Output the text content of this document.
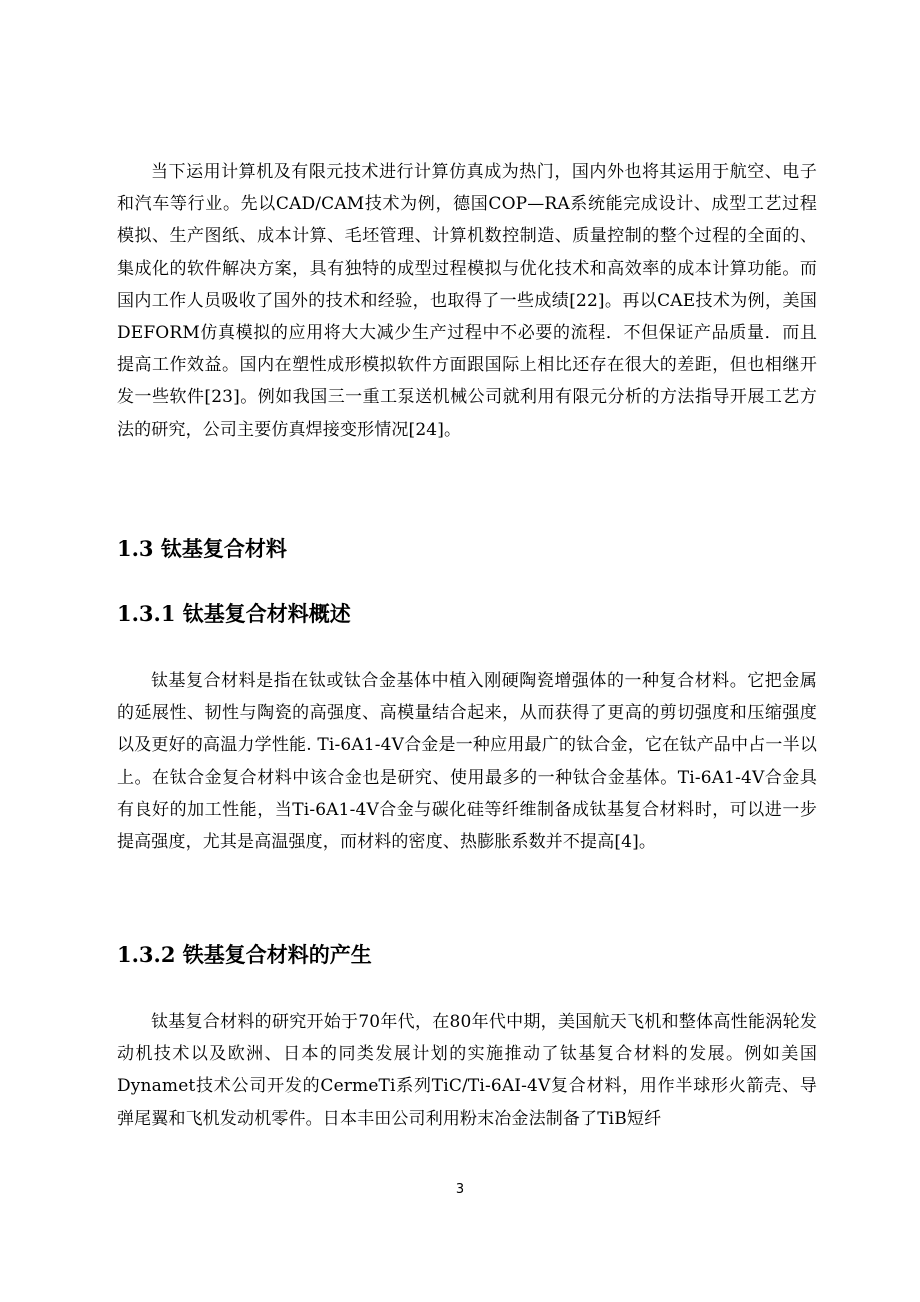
当下运用计算机及有限元技术进行计算仿真成为热门，国内外也将其运用于航空、电子和汽车等行业。先以CAD/CAM技术为例，德国COP—RA系统能完成设计、成型工艺过程模拟、生产图纸、成本计算、毛坯管理、计算机数控制造、质量控制的整个过程的全面的、集成化的软件解决方案，具有独特的成型过程模拟与优化技术和高效率的成本计算功能。而国内工作人员吸收了国外的技术和经验，也取得了一些成绩[22]。再以CAE技术为例，美国DEFORM仿真模拟的应用将大大减少生产过程中不必要的流程．不但保证产品质量．而且提高工作效益。国内在塑性成形模拟软件方面跟国际上相比还存在很大的差距，但也相继开发一些软件[23]。例如我国三一重工泵送机械公司就利用有限元分析的方法指导开展工艺方法的研究，公司主要仿真焊接变形情况[24]。

1.3 钛基复合材料
1.3.1 钛基复合材料概述

钛基复合材料是指在钛或钛合金基体中植入刚硬陶瓷增强体的一种复合材料。它把金属的延展性、韧性与陶瓷的高强度、高模量结合起来，从而获得了更高的剪切强度和压缩强度以及更好的高温力学性能. Ti-6A1-4V合金是一种应用最广的钛合金，它在钛产品中占一半以上。在钛合金复合材料中该合金也是研究、使用最多的一种钛合金基体。Ti-6A1-4V合金具有良好的加工性能，当Ti-6A1-4V合金与碳化硅等纤维制备成钛基复合材料时，可以进一步提高强度，尤其是高温强度，而材料的密度、热膨胀系数并不提高[4]。

1.3.2 铁基复合材料的产生

钛基复合材料的研究开始于70年代，在80年代中期，美国航天飞机和整体高性能涡轮发动机技术以及欧洲、日本的同类发展计划的实施推动了钛基复合材料的发展。例如美国Dynamet技术公司开发的CermeTi系列TiC/Ti-6AI-4V复合材料，用作半球形火箭壳、导弹尾翼和飞机发动机零件。日本丰田公司利用粉末冶金法制备了TiB短纤

3
